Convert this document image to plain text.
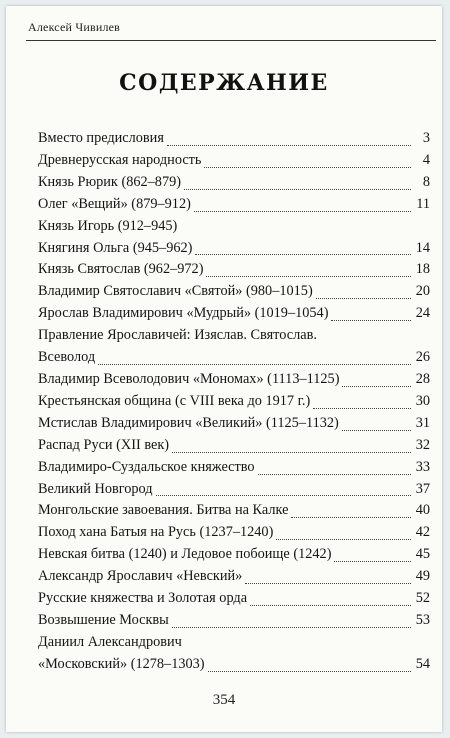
Алексей Чивилев
СОДЕРЖАНИЕ
Вместо предисловия	3
Древнерусская народность	4
Князь Рюрик (862–879)	8
Олег «Вещий» (879–912)	11
Князь Игорь (912–945)
Княгиня Ольга (945–962)	14
Князь Святослав (962–972)	18
Владимир Святославич «Святой» (980–1015)	20
Ярослав Владимирович «Мудрый» (1019–1054)	24
Правление Ярославичей: Изяслав. Святослав.
Всеволод	26
Владимир Всеволодович «Мономах» (1113–1125)	28
Крестьянская община (с VIII века до 1917 г.)	30
Мстислав Владимирович «Великий» (1125–1132)	31
Распад Руси (XII век)	32
Владимиро-Суздальское княжество	33
Великий Новгород	37
Монгольские завоевания. Битва на Калке	40
Поход хана Батыя на Русь (1237–1240)	42
Невская битва (1240) и Ледовое побоище (1242)	45
Александр Ярославич «Невский»	49
Русские княжества и Золотая орда	52
Возвышение Москвы	53
Даниил Александрович
«Московский» (1278–1303)	54
354
